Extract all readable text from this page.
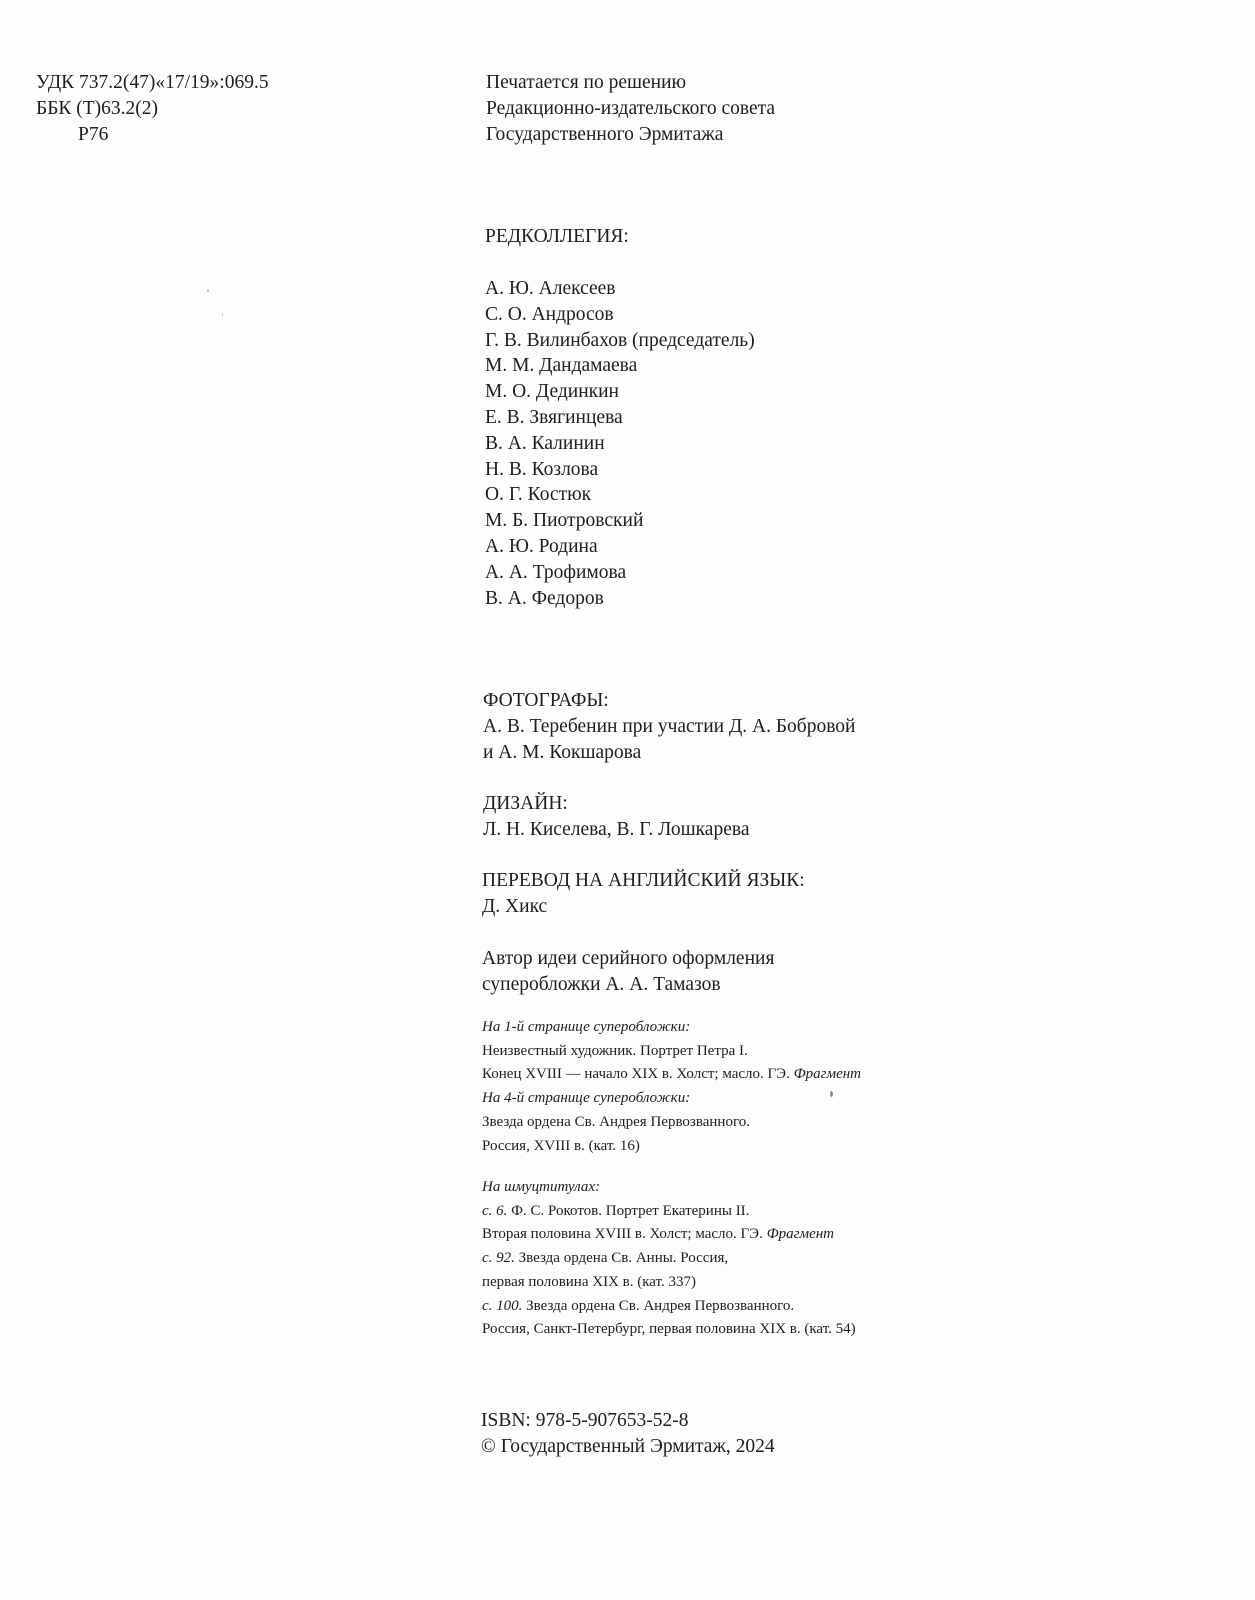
УДК 737.2(47)«17/19»:069.5
ББК (Т)63.2(2)
Р76
Печатается по решению
Редакционно-издательского совета
Государственного Эрмитажа
РЕДКОЛЛЕГИЯ:
А. Ю. Алексеев
С. О. Андросов
Г. В. Вилинбахов (председатель)
М. М. Дандамаева
М. О. Дединкин
Е. В. Звягинцева
В. А. Калинин
Н. В. Козлова
О. Г. Костюк
М. Б. Пиотровский
А. Ю. Родина
А. А. Трофимова
В. А. Федоров
ФОТОГРАФЫ:
А. В. Теребенин при участии Д. А. Бобровой
и А. М. Кокшарова
ДИЗАЙН:
Л. Н. Киселева, В. Г. Лошкарева
ПЕРЕВОД НА АНГЛИЙСКИЙ ЯЗЫК:
Д. Хикс
Автор идеи серийного оформления
суперобложки А. А. Тамазов
На 1-й странице суперобложки:
Неизвестный художник. Портрет Петра I.
Конец XVIII — начало XIX в. Холст; масло. ГЭ. Фрагмент
На 4-й странице суперобложки:
Звезда ордена Св. Андрея Первозванного.
Россия, XVIII в. (кат. 16)
На шмуцтитулах:
с. 6. Ф. С. Рокотов. Портрет Екатерины II.
Вторая половина XVIII в. Холст; масло. ГЭ. Фрагмент
с. 92. Звезда ордена Св. Анны. Россия,
первая половина XIX в. (кат. 337)
с. 100. Звезда ордена Св. Андрея Первозванного.
Россия, Санкт-Петербург, первая половина XIX в. (кат. 54)
ISBN: 978-5-907653-52-8
© Государственный Эрмитаж, 2024
